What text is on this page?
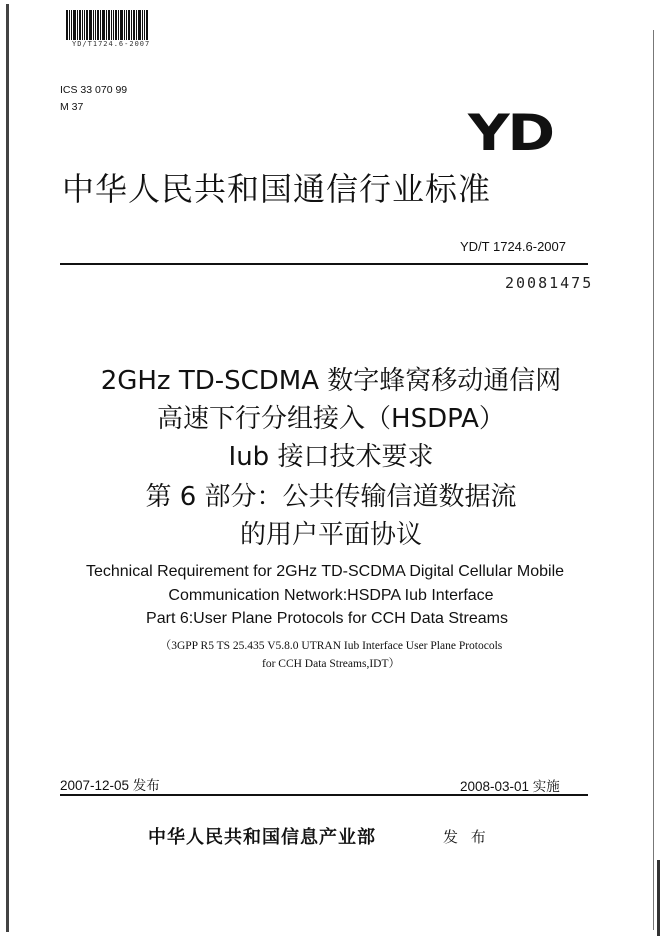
YD/T1724.6-2007
ICS 33 070 99
M 37	YD
中华人民共和国通信行业标准
YD/T 1724.6-2007
20081475
2GHz TD-SCDMA 数字蜂窝移动通信网
高速下行分组接入（HSDPA）
Iub 接口技术要求
第 6 部分：公共传输信道数据流
的用户平面协议
Technical Requirement for 2GHz TD-SCDMA Digital Cellular Mobile
Communication Network:HSDPA Iub Interface
Part 6:User Plane Protocols for CCH Data Streams
（3GPP R5 TS 25.435 V5.8.0 UTRAN Iub Interface User Plane Protocols
for CCH Data Streams,IDT）
2007-12-05 发布	2008-03-01 实施
中华人民共和国信息产业部	发 布
